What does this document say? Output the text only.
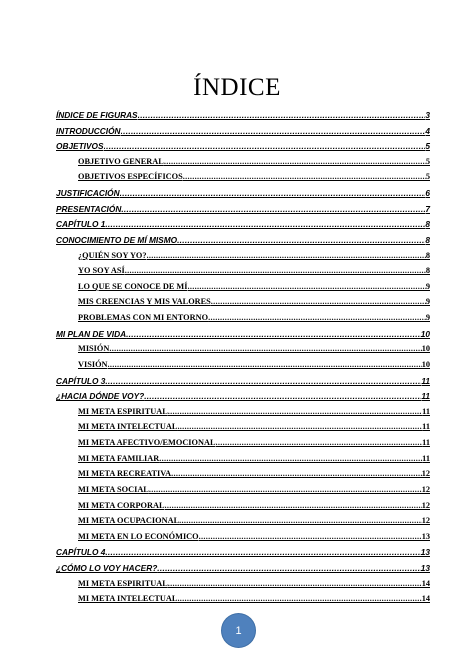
ÍNDICE
ÍNDICE DE FIGURAS .....	3
INTRODUCCIÓN .....	4
OBJETIVOS .....	5
OBJETIVO GENERAL .....	5
OBJETIVOS ESPECÍFICOS .....	5
JUSTIFICACIÓN .....	6
PRESENTACIÓN .....	7
CAPÍTULO 1 .....	8
CONOCIMIENTO DE MÍ MISMO .....	8
¿QUIÉN SOY YO? .....	8
YO SOY ASÍ .....	8
LO QUE SE CONOCE DE MÍ .....	9
MIS CREENCIAS Y MIS VALORES .....	9
PROBLEMAS CON MI ENTORNO .....	9
MI PLAN DE VIDA .....	10
MISIÓN .....	10
VISIÓN .....	10
CAPÍTULO 3 .....	11
¿HACIA DÓNDE VOY? .....	11
MI META ESPIRITUAL .....	11
MI META INTELECTUAL .....	11
MI META AFECTIVO/EMOCIONAL .....	11
MI META FAMILIAR .....	11
MI META RECREATIVA .....	12
MI META SOCIAL .....	12
MI META CORPORAL .....	12
MI META OCUPACIONAL .....	12
MI META EN LO ECONÓMICO .....	13
CAPÍTULO 4 .....	13
¿CÓMO LO VOY HACER? .....	13
MI META ESPIRITUAL .....	14
MI META INTELECTUAL .....	14
1
